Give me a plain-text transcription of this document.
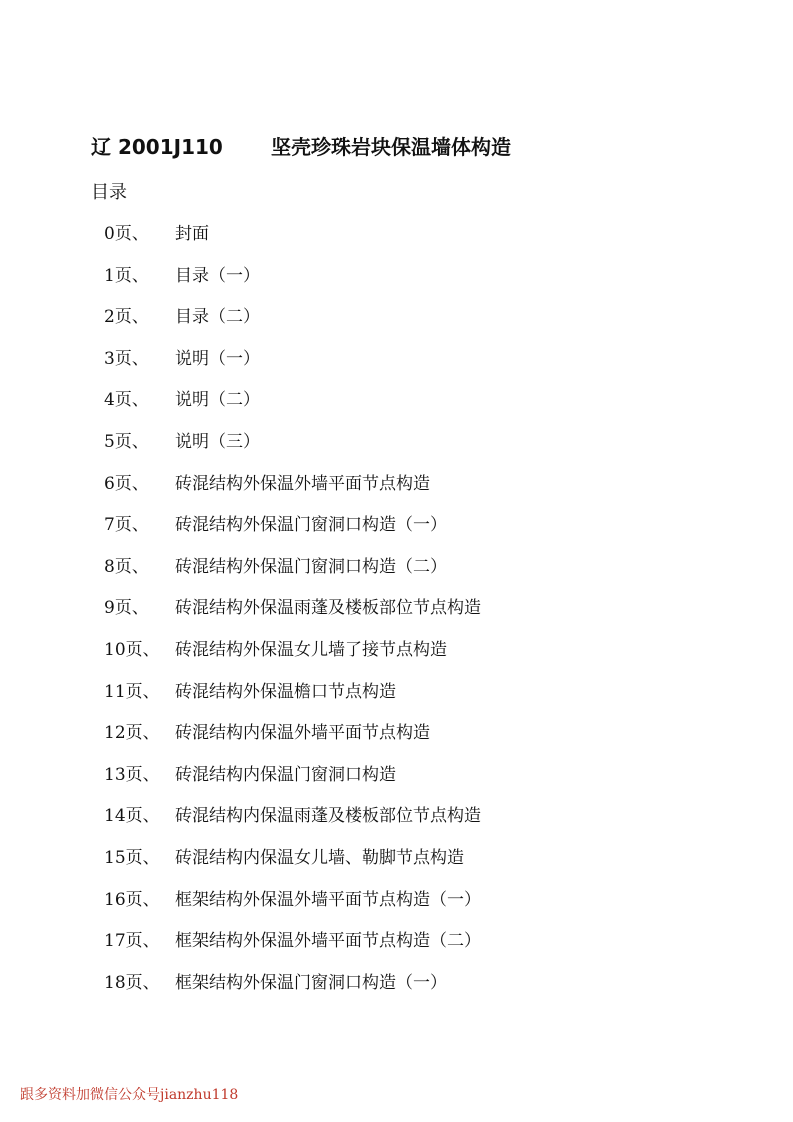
辽 2001J110 坚壳珍珠岩块保温墙体构造
目录
0页、	封面
1页、	目录（一）
2页、	目录（二）
3页、	说明（一）
4页、	说明（二）
5页、	说明（三）
6页、	砖混结构外保温外墙平面节点构造
7页、	砖混结构外保温门窗洞口构造（一）
8页、	砖混结构外保温门窗洞口构造（二）
9页、	砖混结构外保温雨蓬及楼板部位节点构造
10页、 砖混结构外保温女儿墙了接节点构造
11页、 砖混结构外保温檐口节点构造
12页、 砖混结构内保温外墙平面节点构造
13页、 砖混结构内保温门窗洞口构造
14页、 砖混结构内保温雨蓬及楼板部位节点构造
15页、 砖混结构内保温女儿墙、勒脚节点构造
16页、 框架结构外保温外墙平面节点构造（一）
17页、 框架结构外保温外墙平面节点构造（二）
18页、 框架结构外保温门窗洞口构造（一）
跟多资料加微信公众号jianzhu118
